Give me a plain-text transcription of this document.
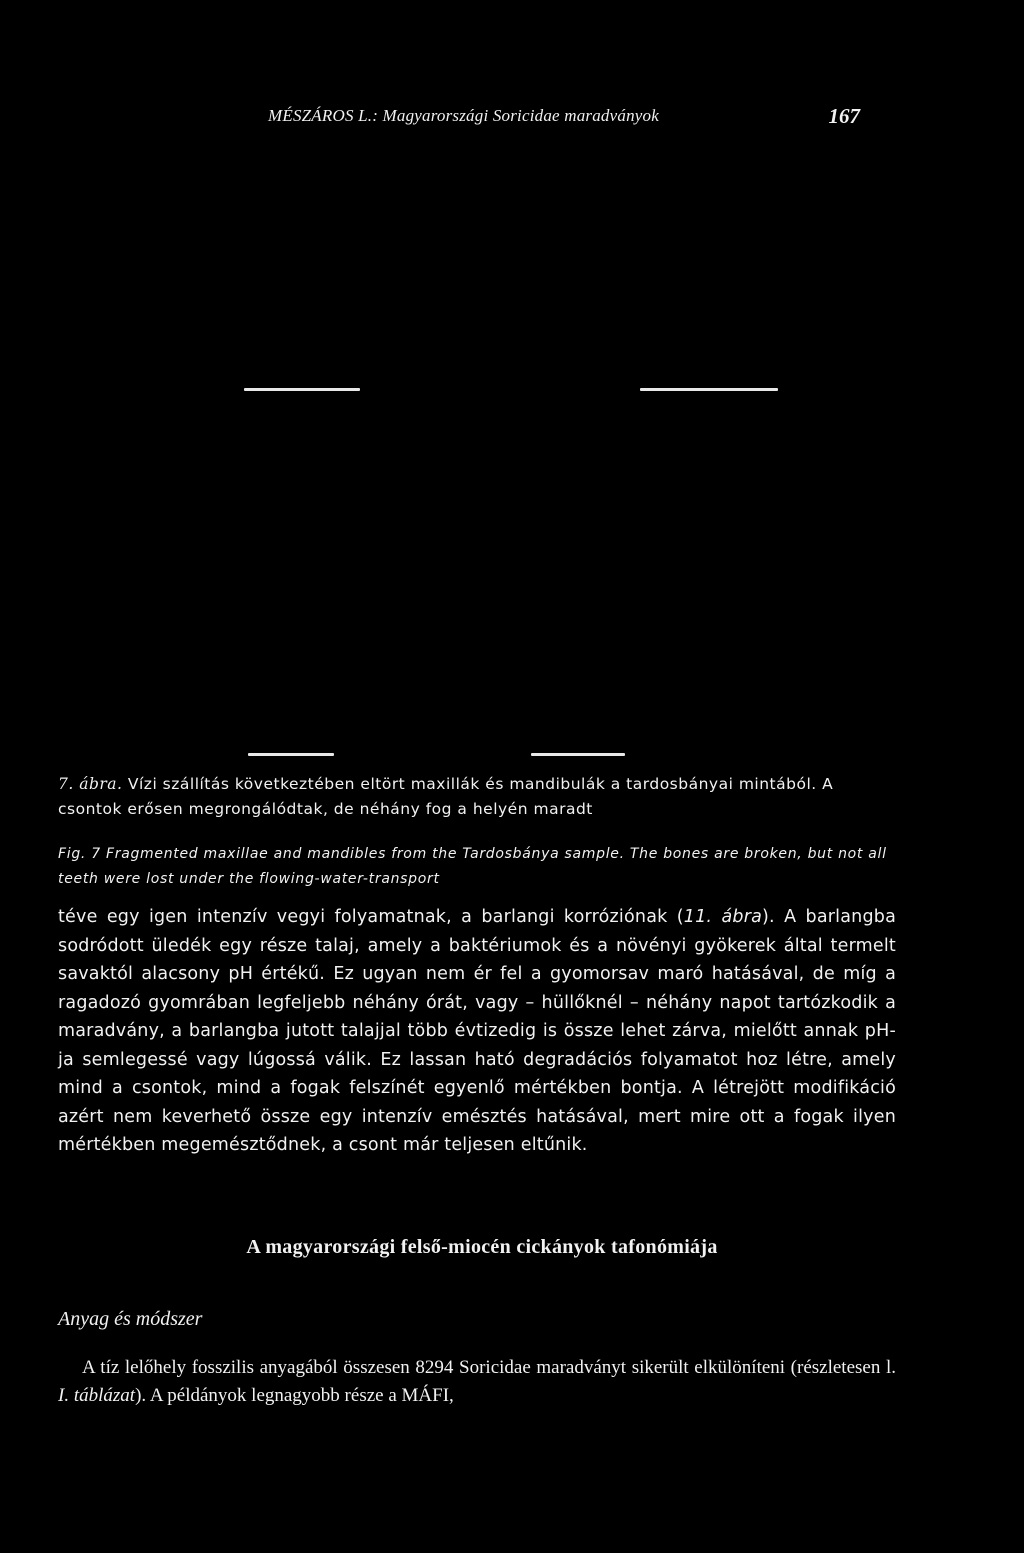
MÉSZÁROS L.: Magyarországi Soricidae maradványok	167
7. ábra. Vízi szállítás következtében eltört maxillák és mandibulák a tardosbányai mintából. A csontok erősen megrongálódtak, de néhány fog a helyén maradt
Fig. 7 Fragmented maxillae and mandibles from the Tardosbánya sample. The bones are broken, but not all teeth were lost under the flowing-water-transport

téve egy igen intenzív vegyi folyamatnak, a barlangi korróziónak (11. ábra). A barlangba sodródott üledék egy része talaj, amely a baktériumok és a növényi gyökerek által termelt savaktól alacsony pH értékű. Ez ugyan nem ér fel a gyomorsav maró hatásával, de míg a ragadozó gyomrában legfeljebb néhány órát, vagy – hüllőknél – néhány napot tartózkodik a maradvány, a barlangba jutott talajjal több évtizedig is össze lehet zárva, mielőtt annak pH-ja semlegessé vagy lúgossá válik. Ez lassan ható degradációs folyamatot hoz létre, amely mind a csontok, mind a fogak felszínét egyenlő mértékben bontja. A létrejött modifikáció azért nem keverhető össze egy intenzív emésztés hatásával, mert mire ott a fogak ilyen mértékben megemésztődnek, a csont már teljesen eltűnik.

A magyarországi felső-miocén cickányok tafonómiája
Anyag és módszer

A tíz lelőhely fosszilis anyagából összesen 8294 Soricidae maradványt sikerült elkülöníteni (részletesen l. I. táblázat). A példányok legnagyobb része a MÁFI,
